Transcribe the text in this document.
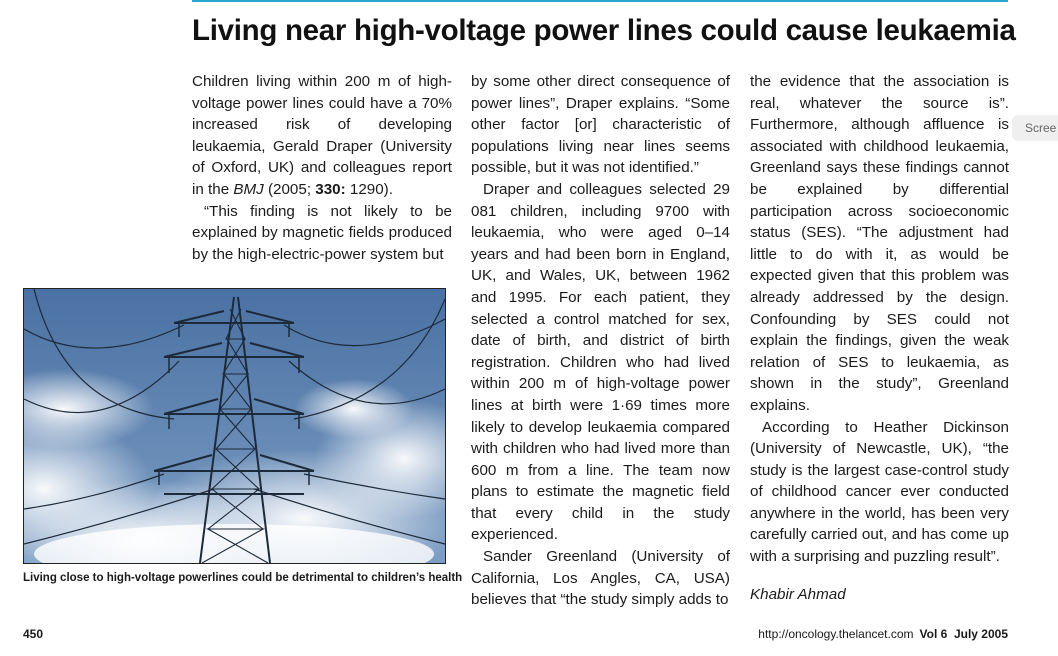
Living near high-voltage power lines could cause leukaemia

Children living within 200 m of high-voltage power lines could have a 70% increased risk of developing leukaemia, Gerald Draper (University of Oxford, UK) and colleagues report in the BMJ (2005; 330: 1290).

“This finding is not likely to be explained by magnetic fields produced by the high-electric-power system but

by some other direct consequence of power lines”, Draper explains. “Some other factor [or] characteristic of populations living near lines seems possible, but it was not identified.”

Draper and colleagues selected 29 081 children, including 9700 with leukaemia, who were aged 0–14 years and had been born in England, UK, and Wales, UK, between 1962 and 1995. For each patient, they selected a control matched for sex, date of birth, and district of birth registration. Children who had lived within 200 m of high-voltage power lines at birth were 1·69 times more likely to develop leukaemia compared with children who had lived more than 600 m from a line. The team now plans to estimate the magnetic field that every child in the study experienced.

Sander Greenland (University of California, Los Angles, CA, USA) believes that “the study simply adds to

the evidence that the association is real, whatever the source is”. Furthermore, although affluence is associated with childhood leukaemia, Greenland says these findings cannot be explained by differential participation across socioeconomic status (SES). “The adjustment had little to do with it, as would be expected given that this problem was already addressed by the design. Confounding by SES could not explain the findings, given the weak relation of SES to leukaemia, as shown in the study”, Greenland explains.

According to Heather Dickinson (University of Newcastle, UK), “the study is the largest case-control study of childhood cancer ever conducted anywhere in the world, has been very carefully carried out, and has come up with a surprising and puzzling result”.

Khabir Ahmad

Living close to high-voltage powerlines could be detrimental to children’s health
450	http://oncology.thelancet.com Vol 6  July 2005
Scree
